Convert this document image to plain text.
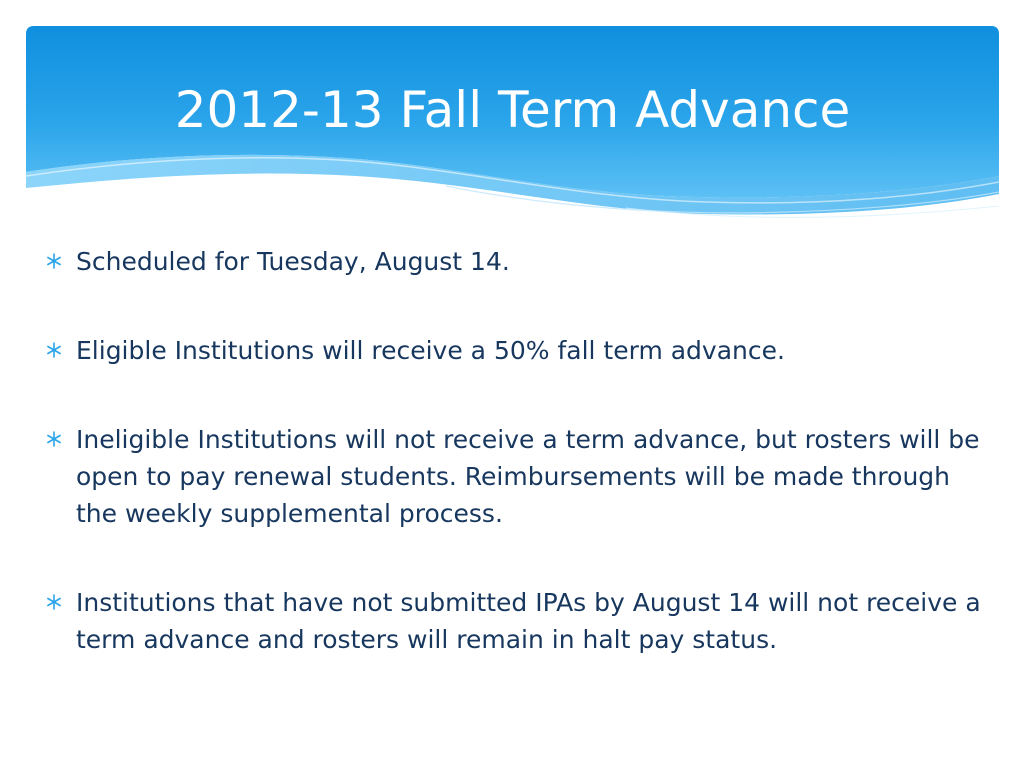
2012-13 Fall Term Advance
Scheduled for Tuesday, August 14.
Eligible Institutions will receive a 50% fall term advance.
Ineligible Institutions will not receive a term advance, but rosters will be open to pay renewal students. Reimbursements will be made through the weekly supplemental process.
Institutions that have not submitted IPAs by August 14 will not receive a term advance and rosters will remain in halt pay status.
